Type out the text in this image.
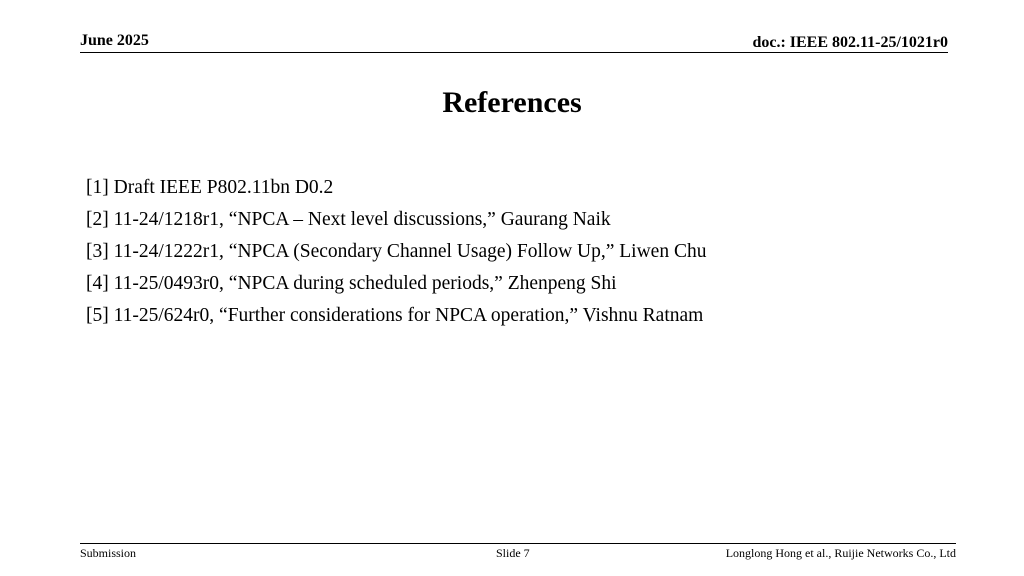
June 2025	doc.: IEEE 802.11-25/1021r0
References
[1] Draft IEEE P802.11bn D0.2
[2] 11-24/1218r1, “NPCA – Next level discussions,” Gaurang Naik
[3] 11-24/1222r1, “NPCA (Secondary Channel Usage) Follow Up,” Liwen Chu
[4] 11-25/0493r0, “NPCA during scheduled periods,” Zhenpeng Shi
[5] 11-25/624r0, “Further considerations for NPCA operation,” Vishnu Ratnam
Submission	Slide 7	Longlong Hong et al., Ruijie Networks Co., Ltd
